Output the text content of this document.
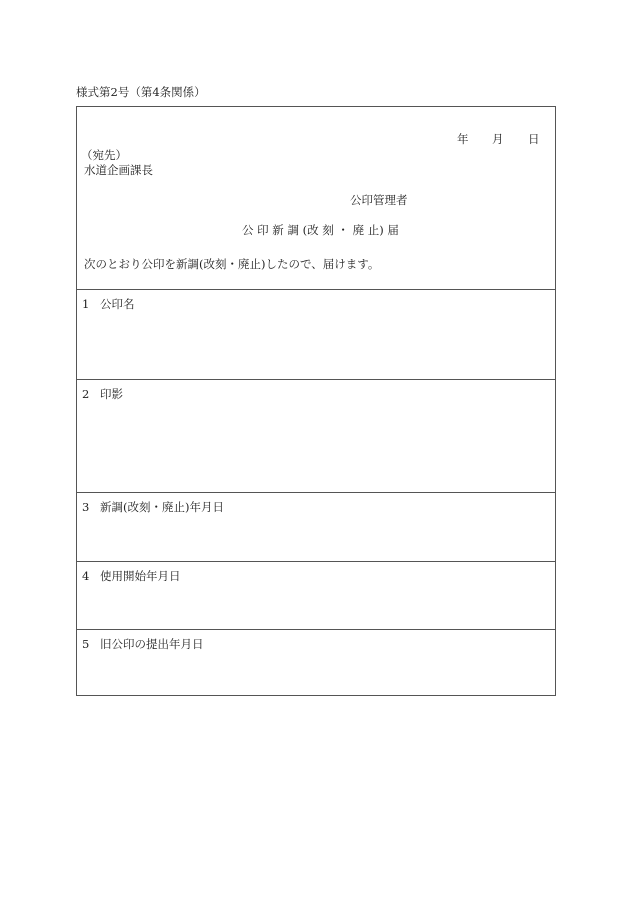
様式第2号（第4条関係）
年 月 日
（宛先）
水道企画課長
公印管理者
公 印 新 調 (改 刻 ・ 廃 止) 届
次のとおり公印を新調(改刻・廃止)したので、届けます。
1 公印名
2 印影
3 新調(改刻・廃止)年月日
4 使用開始年月日
5 旧公印の提出年月日
